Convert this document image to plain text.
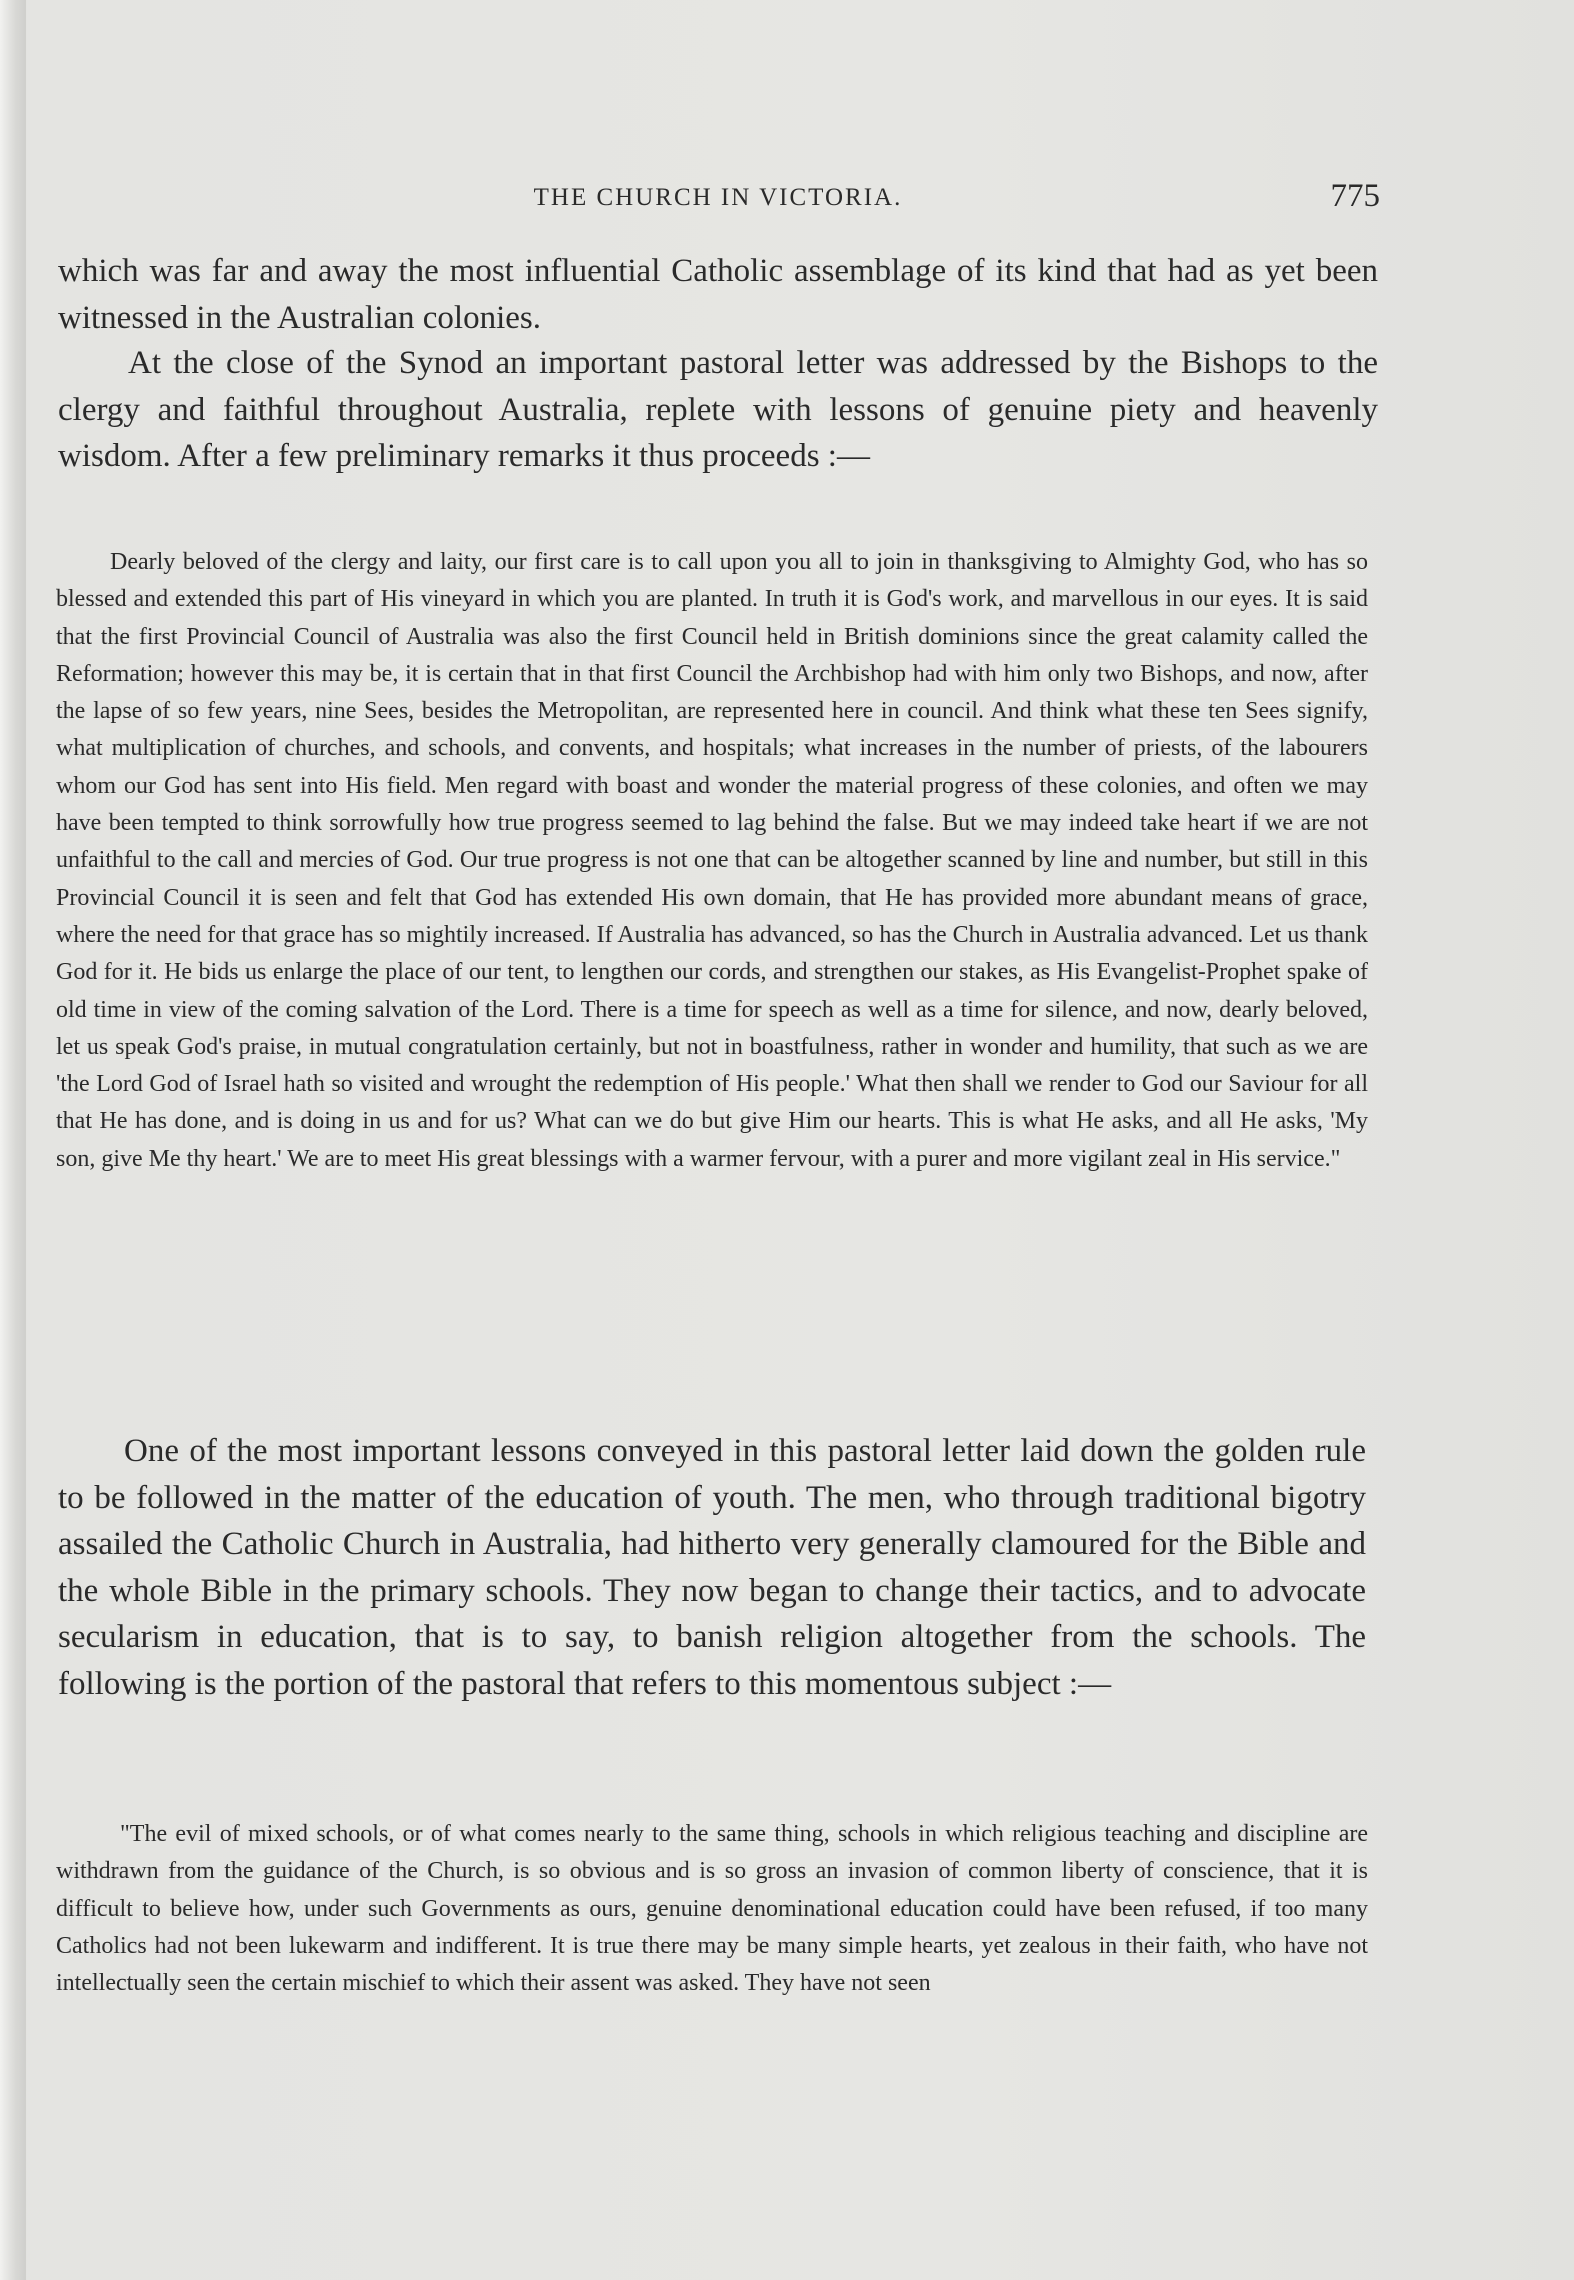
THE CHURCH IN VICTORIA.	775

which was far and away the most influential Catholic assemblage of its kind that had as yet been witnessed in the Australian colonies.

At the close of the Synod an important pastoral letter was addressed by the Bishops to the clergy and faithful throughout Australia, replete with lessons of genuine piety and heavenly wisdom. After a few preliminary remarks it thus proceeds :—

Dearly beloved of the clergy and laity, our first care is to call upon you all to join in thanksgiving to Almighty God, who has so blessed and extended this part of His vineyard in which you are planted. In truth it is God's work, and marvellous in our eyes. It is said that the first Provincial Council of Australia was also the first Council held in British dominions since the great calamity called the Reformation; however this may be, it is certain that in that first Council the Archbishop had with him only two Bishops, and now, after the lapse of so few years, nine Sees, besides the Metropolitan, are represented here in council. And think what these ten Sees signify, what multiplication of churches, and schools, and convents, and hospitals; what increases in the number of priests, of the labourers whom our God has sent into His field. Men regard with boast and wonder the material progress of these colonies, and often we may have been tempted to think sorrowfully how true progress seemed to lag behind the false. But we may indeed take heart if we are not unfaithful to the call and mercies of God. Our true progress is not one that can be altogether scanned by line and number, but still in this Provincial Council it is seen and felt that God has extended His own domain, that He has provided more abundant means of grace, where the need for that grace has so mightily increased. If Australia has advanced, so has the Church in Australia advanced. Let us thank God for it. He bids us enlarge the place of our tent, to lengthen our cords, and strengthen our stakes, as His Evangelist-Prophet spake of old time in view of the coming salvation of the Lord. There is a time for speech as well as a time for silence, and now, dearly beloved, let us speak God's praise, in mutual congratulation certainly, but not in boastfulness, rather in wonder and humility, that such as we are 'the Lord God of Israel hath so visited and wrought the redemption of His people.' What then shall we render to God our Saviour for all that He has done, and is doing in us and for us? What can we do but give Him our hearts. This is what He asks, and all He asks, 'My son, give Me thy heart.' We are to meet His great blessings with a warmer fervour, with a purer and more vigilant zeal in His service."

One of the most important lessons conveyed in this pastoral letter laid down the golden rule to be followed in the matter of the education of youth. The men, who through traditional bigotry assailed the Catholic Church in Australia, had hitherto very generally clamoured for the Bible and the whole Bible in the primary schools. They now began to change their tactics, and to advocate secularism in education, that is to say, to banish religion altogether from the schools. The following is the portion of the pastoral that refers to this momentous subject :—

"The evil of mixed schools, or of what comes nearly to the same thing, schools in which religious teaching and discipline are withdrawn from the guidance of the Church, is so obvious and is so gross an invasion of common liberty of conscience, that it is difficult to believe how, under such Governments as ours, genuine denominational education could have been refused, if too many Catholics had not been lukewarm and indifferent. It is true there may be many simple hearts, yet zealous in their faith, who have not intellectually seen the certain mischief to which their assent was asked. They have not seen
